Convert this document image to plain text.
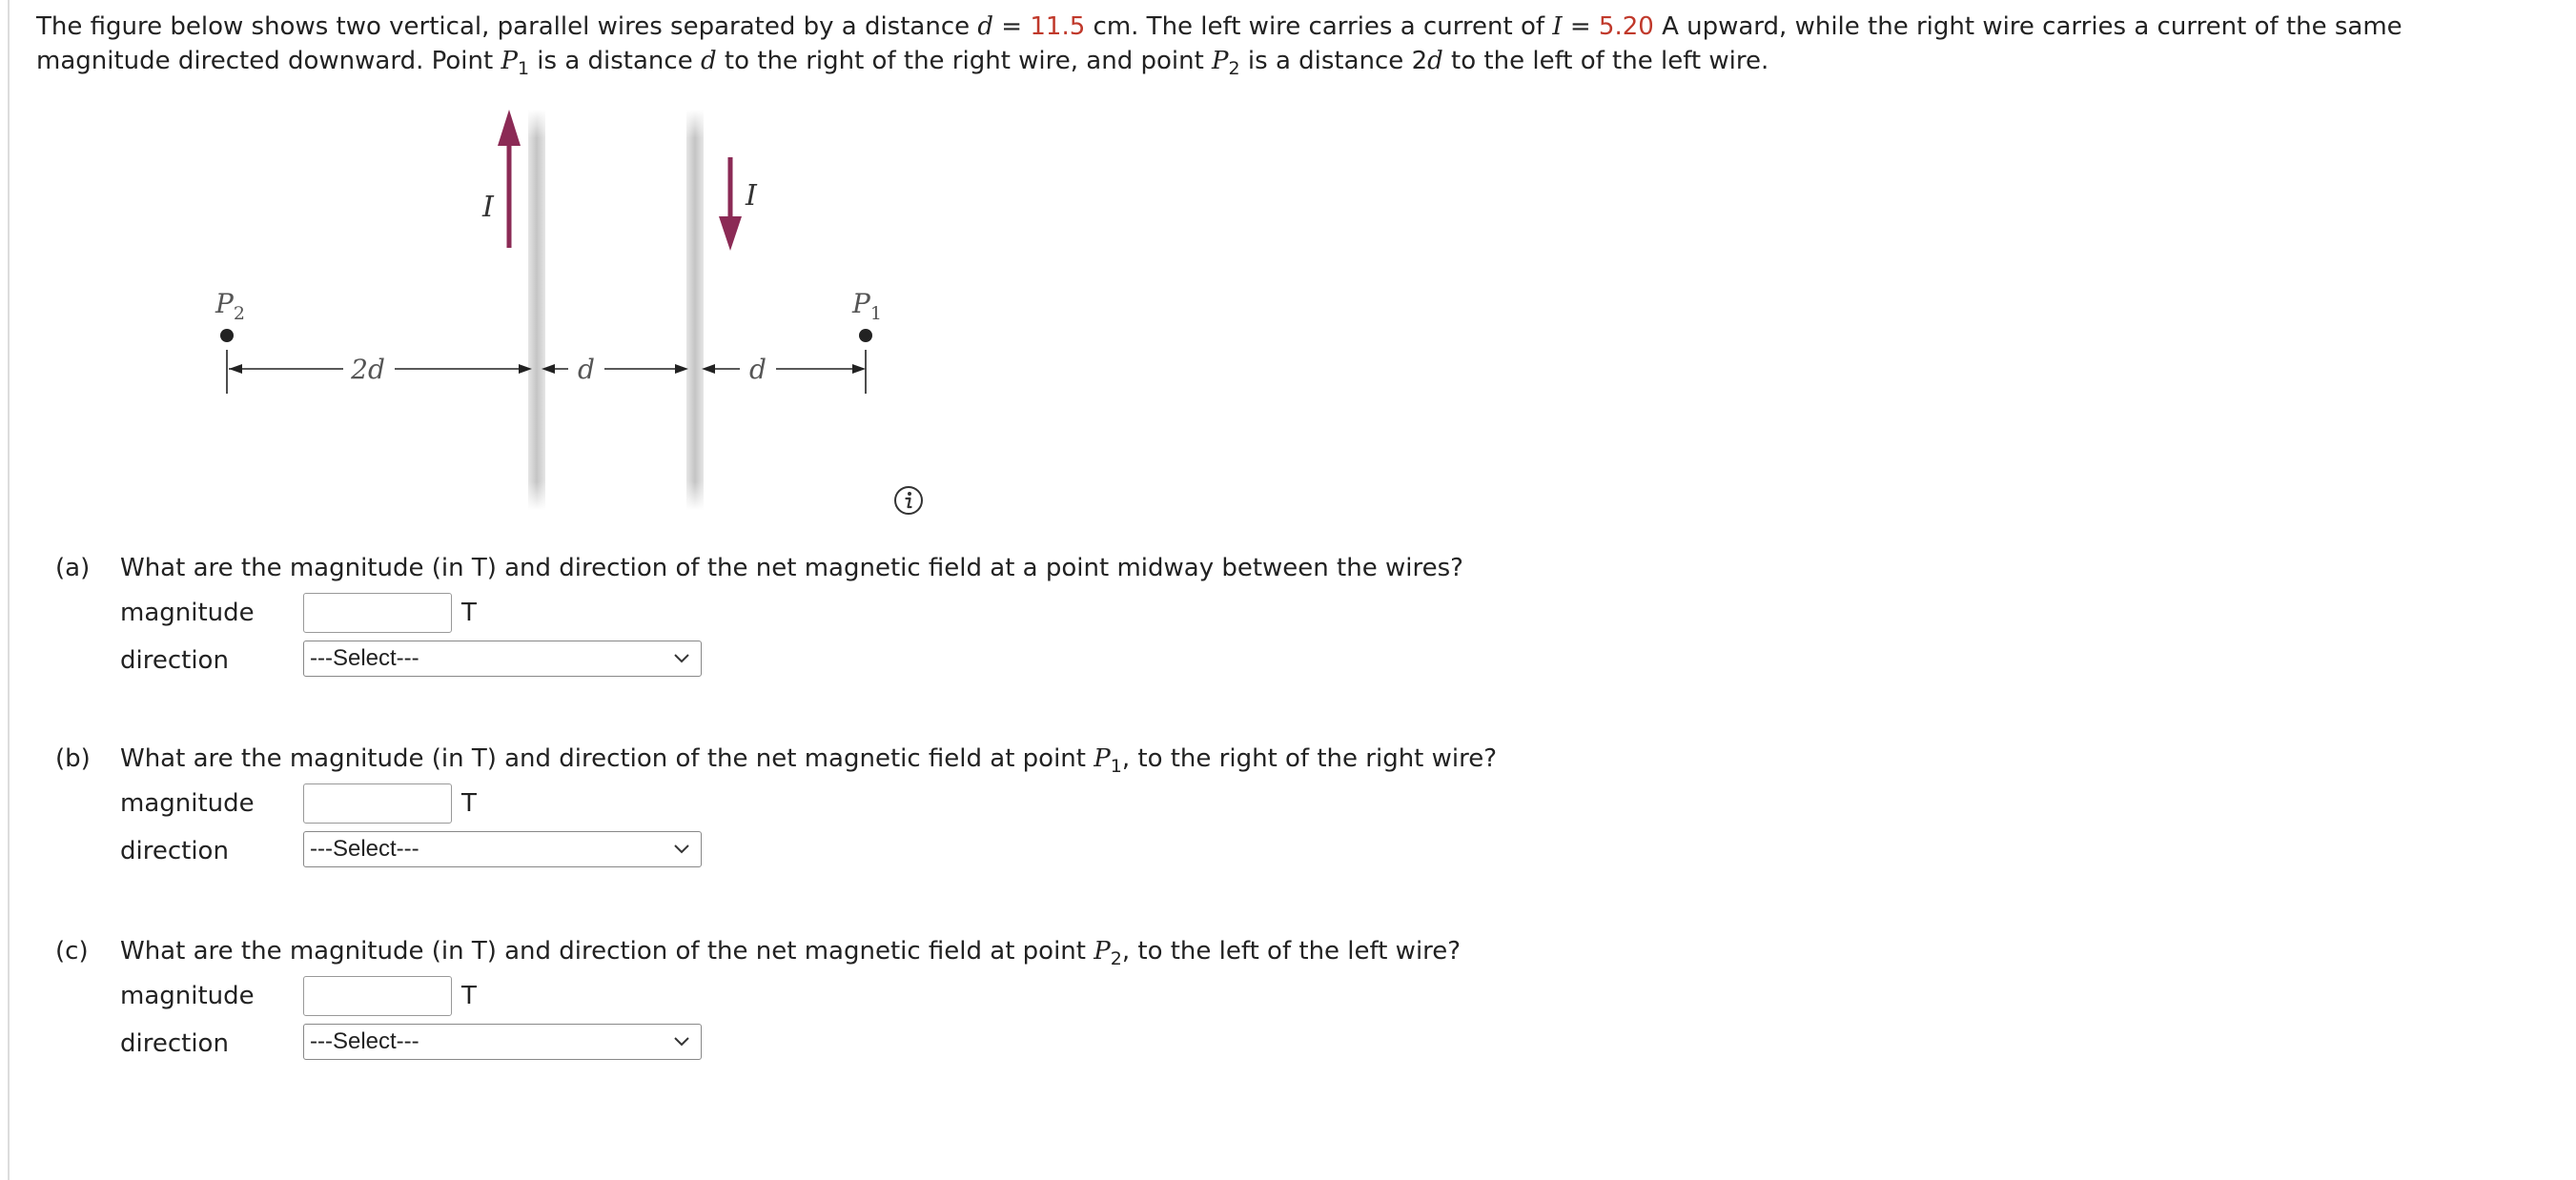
The figure below shows two vertical, parallel wires separated by a distance d = 11.5 cm. The left wire carries a current of I = 5.20 A upward, while the right wire carries a current of the same magnitude directed downward. Point $P_1$ is a distance d to the right of the right wire, and point $P_2$ is a distance 2d to the left of the left wire.
I	I
$P_2$	$P_1$
2d	d	d
(a) What are the magnitude (in T) and direction of the net magnetic field at a point midway between the wires?
magnitude	T
direction	---Select---
(b) What are the magnitude (in T) and direction of the net magnetic field at point $P_1$, to the right of the right wire?
magnitude	T
direction	---Select---
(c) What are the magnitude (in T) and direction of the net magnetic field at point $P_2$, to the left of the left wire?
magnitude	T
direction	---Select---
